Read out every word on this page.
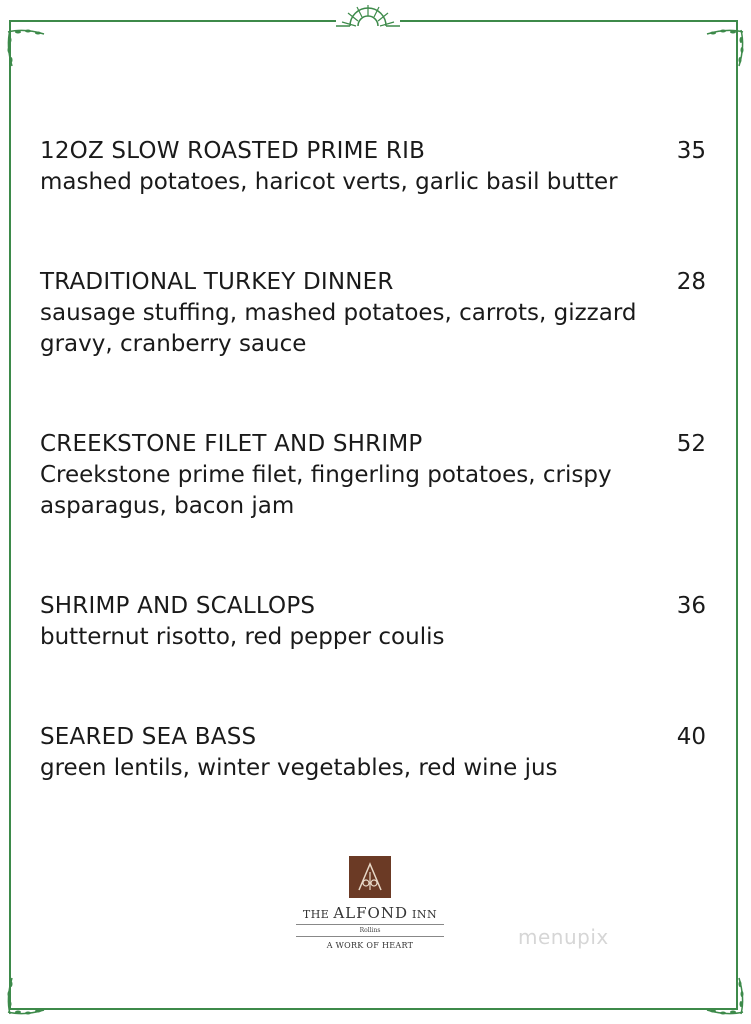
12OZ SLOW ROASTED PRIME RIB	35
mashed potatoes, haricot verts, garlic basil butter
TRADITIONAL TURKEY DINNER	28
sausage stuffing, mashed potatoes, carrots, gizzard gravy, cranberry sauce
CREEKSTONE FILET AND SHRIMP	52
Creekstone prime filet, fingerling potatoes, crispy asparagus, bacon jam
SHRIMP AND SCALLOPS	36
butternut risotto, red pepper coulis
SEARED SEA BASS	40
green lentils, winter vegetables, red wine jus
THE ALFOND INN
Rollins
A WORK OF HEART	menupix
